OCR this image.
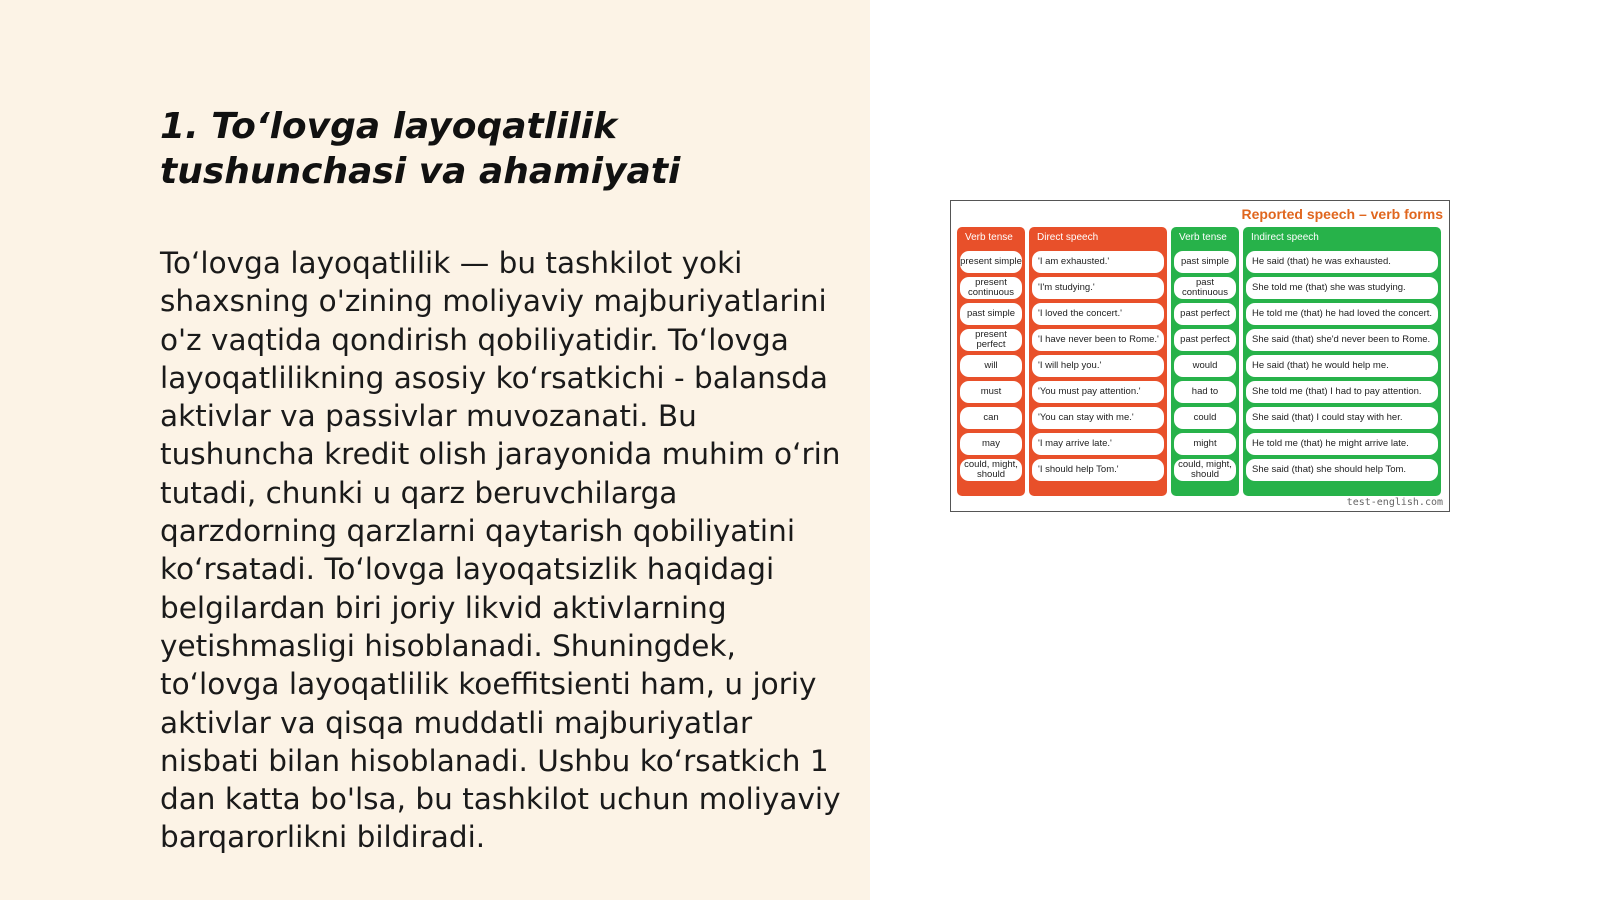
1. To‘lovga layoqatlilik tushunchasi va ahamiyati

To‘lovga layoqatlilik — bu tashkilot yoki shaxsning o'zining moliyaviy majburiyatlarini o'z vaqtida qondirish qobiliyatidir. To‘lovga layoqatlilikning asosiy ko‘rsatkichi - balansda aktivlar va passivlar muvozanati. Bu tushuncha kredit olish jarayonida muhim o‘rin tutadi, chunki u qarz beruvchilarga qarzdorning qarzlarni qaytarish qobiliyatini ko‘rsatadi. To‘lovga layoqatsizlik haqidagi belgilardan biri joriy likvid aktivlarning yetishmasligi hisoblanadi. Shuningdek, to‘lovga layoqatlilik koeffitsienti ham, u joriy aktivlar va qisqa muddatli majburiyatlar nisbati bilan hisoblanadi. Ushbu ko‘rsatkich 1 dan katta bo'lsa, bu tashkilot uchun moliyaviy barqarorlikni bildiradi.

Reported speech – verb forms
Verb tense
present simple
present continuous
past simple
present perfect
will
must
can
may
could, might, should
Direct speech
'I am exhausted.'
'I'm studying.'
'I loved the concert.'
'I have never been to Rome.'
'I will help you.'
'You must pay attention.'
'You can stay with me.'
'I may arrive late.'
'I should help Tom.'
Verb tense
past simple
past continuous
past perfect
past perfect
would
had to
could
might
could, might, should
Indirect speech
He said (that) he was exhausted.
She told me (that) she was studying.
He told me (that) he had loved the concert.
She said (that) she'd never been to Rome.
He said (that) he would help me.
She told me (that) I had to pay attention.
She said (that) I could stay with her.
He told me (that) he might arrive late.
She said (that) she should help Tom.
test-english.com
